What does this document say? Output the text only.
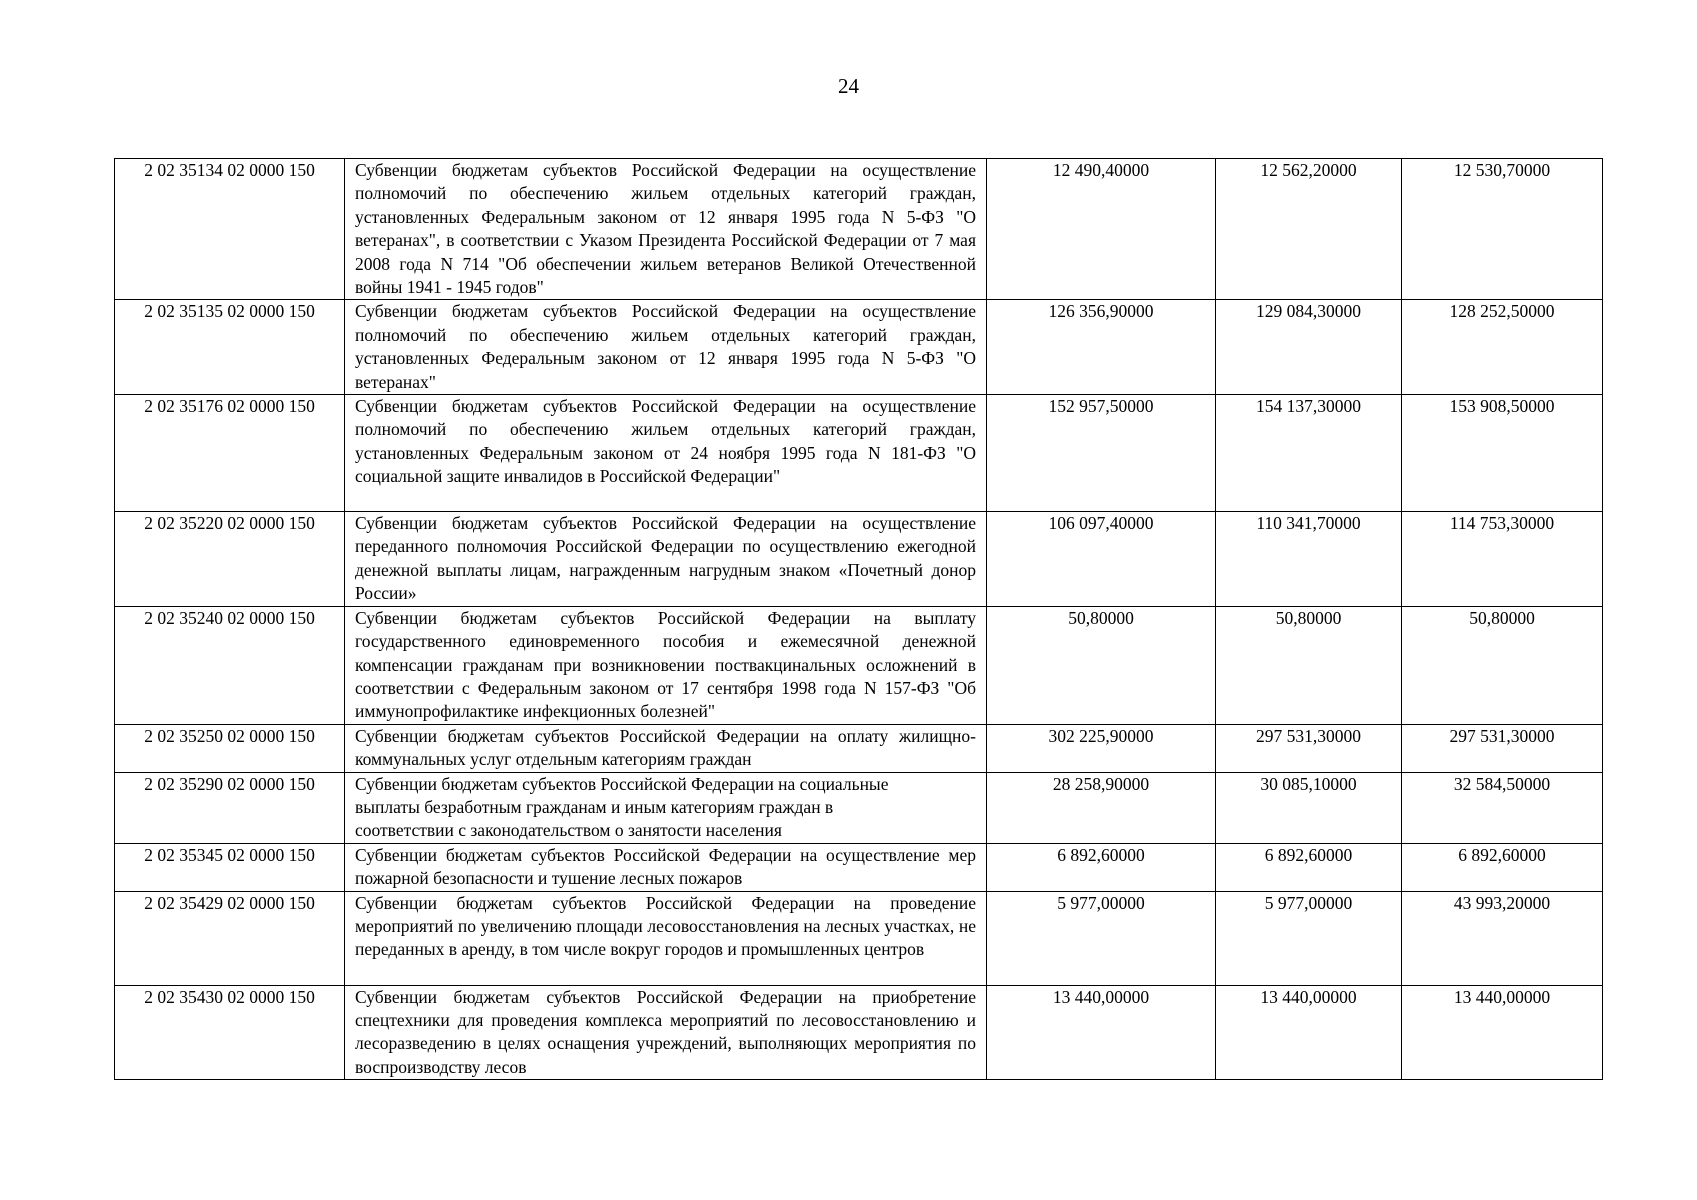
24
2 02 35134 02 0000 150	Субвенции бюджетам субъектов Российской Федерации на осуществление полномочий по обеспечению жильем отдельных категорий граждан, установленных Федеральным законом от 12 января 1995 года N 5-ФЗ "О ветеранах", в соответствии с Указом Президента Российской Федерации от 7 мая 2008 года N 714 "Об обеспечении жильем ветеранов Великой Отечественной войны 1941 - 1945 годов"	12 490,40000	12 562,20000	12 530,70000
2 02 35135 02 0000 150	Субвенции бюджетам субъектов Российской Федерации на осуществление полномочий по обеспечению жильем отдельных категорий граждан, установленных Федеральным законом от 12 января 1995 года N 5-ФЗ "О ветеранах"	126 356,90000	129 084,30000	128 252,50000
2 02 35176 02 0000 150	Субвенции бюджетам субъектов Российской Федерации на осуществление полномочий по обеспечению жильем отдельных категорий граждан, установленных Федеральным законом от 24 ноября 1995 года N 181-ФЗ "О социальной защите инвалидов в Российской Федерации"	152 957,50000	154 137,30000	153 908,50000
2 02 35220 02 0000 150	Субвенции бюджетам субъектов Российской Федерации на осуществление переданного полномочия Российской Федерации по осуществлению ежегодной денежной выплаты лицам, награжденным нагрудным знаком «Почетный донор России»	106 097,40000	110 341,70000	114 753,30000
2 02 35240 02 0000 150	Субвенции бюджетам субъектов Российской Федерации на выплату государственного единовременного пособия и ежемесячной денежной компенсации гражданам при возникновении поствакцинальных осложнений в соответствии с Федеральным законом от 17 сентября 1998 года N 157-ФЗ "Об иммунопрофилактике инфекционных болезней"	50,80000	50,80000	50,80000
2 02 35250 02 0000 150	Субвенции бюджетам субъектов Российской Федерации на оплату жилищно-коммунальных услуг отдельным категориям граждан	302 225,90000	297 531,30000	297 531,30000
2 02 35290 02 0000 150	Субвенции бюджетам субъектов Российской Федерации на социальные выплаты безработным гражданам и иным категориям граждан в соответствии с законодательством о занятости населения	28 258,90000	30 085,10000	32 584,50000
2 02 35345 02 0000 150	Субвенции бюджетам субъектов Российской Федерации на осуществление мер пожарной безопасности и тушение лесных пожаров	6 892,60000	6 892,60000	6 892,60000
2 02 35429 02 0000 150	Субвенции бюджетам субъектов Российской Федерации на проведение мероприятий по увеличению площади лесовосстановления на лесных участках, не переданных в аренду, в том числе вокруг городов и промышленных центров	5 977,00000	5 977,00000	43 993,20000
2 02 35430 02 0000 150	Субвенции бюджетам субъектов Российской Федерации на приобретение спецтехники для проведения комплекса мероприятий по лесовосстановлению и лесоразведению в целях оснащения учреждений, выполняющих мероприятия по воспроизводству лесов	13 440,00000	13 440,00000	13 440,00000
